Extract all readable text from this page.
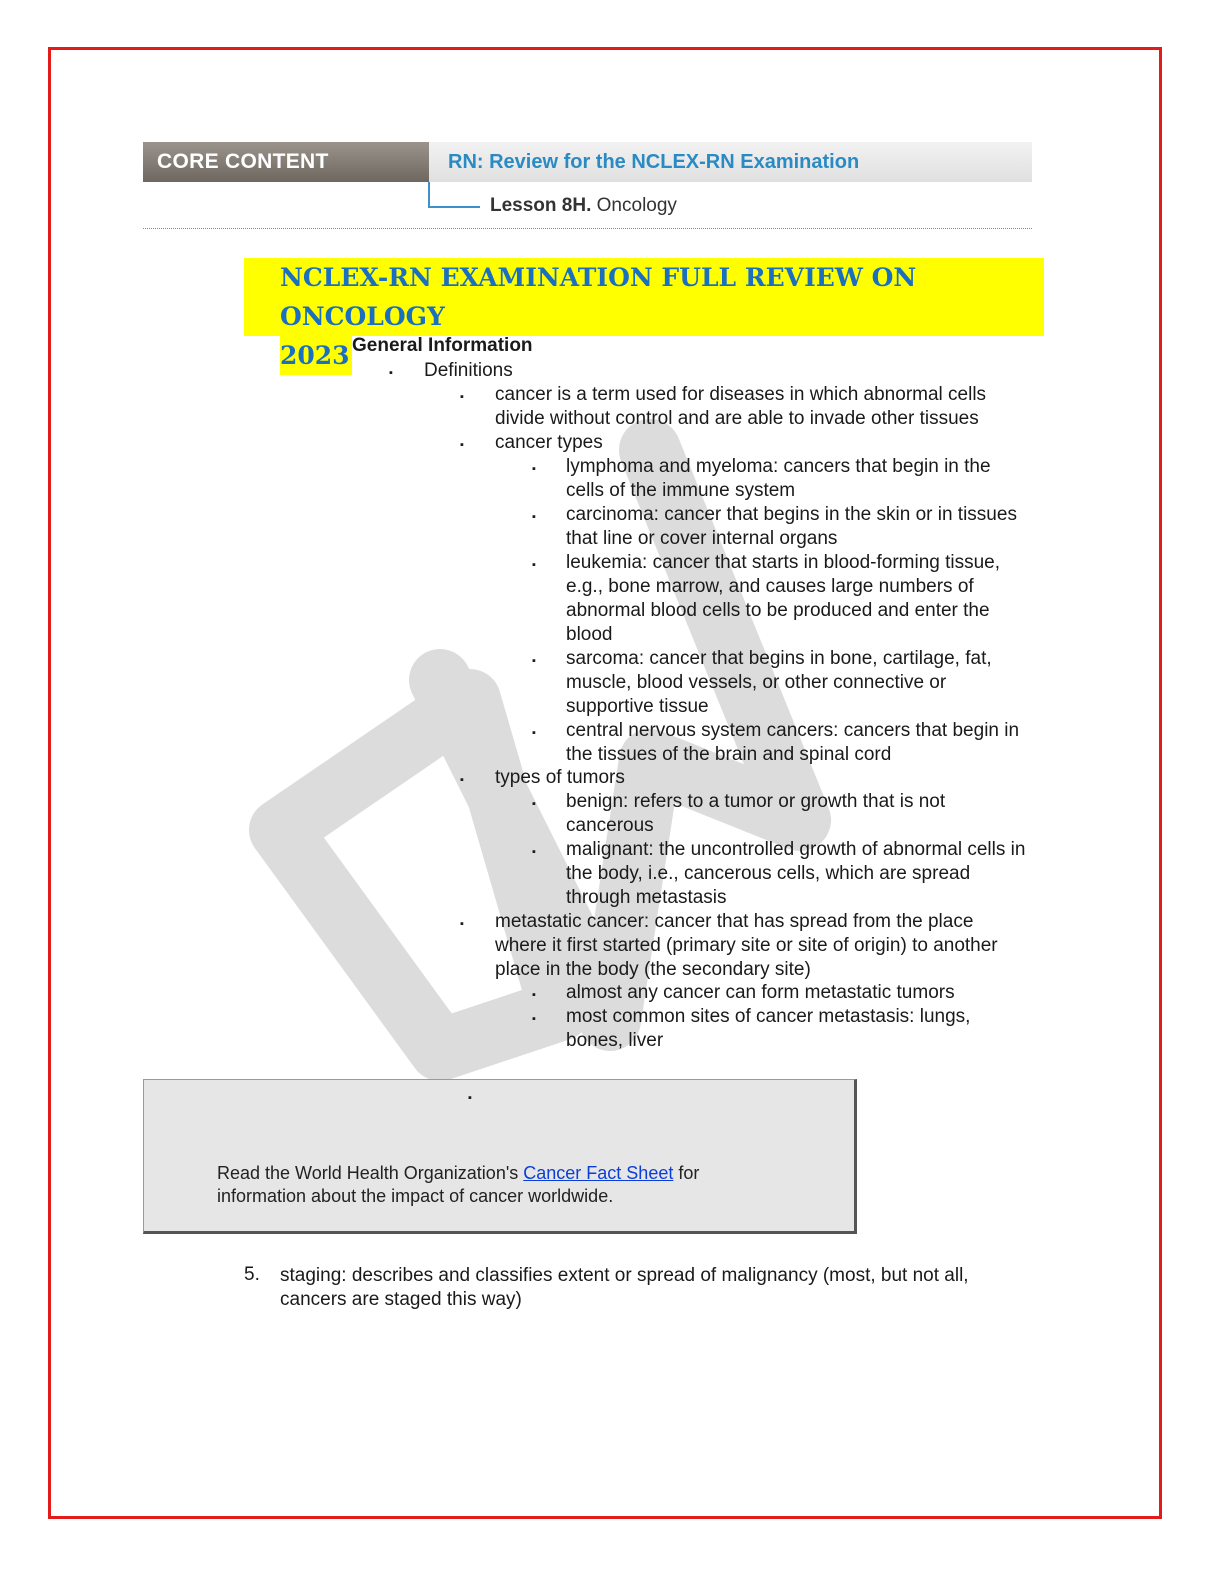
CORE CONTENT	RN: Review for the NCLEX-RN Examination
Lesson 8H. Oncology
NCLEX-RN EXAMINATION FULL REVIEW ON ONCOLOGY
2023 General Information
▪ Definitions
▪ cancer is a term used for diseases in which abnormal cells
divide without control and are able to invade other tissues
▪ cancer types
▪ lymphoma and myeloma: cancers that begin in the
cells of the immune system
▪ carcinoma: cancer that begins in the skin or in tissues
that line or cover internal organs
▪ leukemia: cancer that starts in blood-forming tissue,
e.g., bone marrow, and causes large numbers of
abnormal blood cells to be produced and enter the
blood
▪ sarcoma: cancer that begins in bone, cartilage, fat,
muscle, blood vessels, or other connective or
supportive tissue
▪ central nervous system cancers: cancers that begin in
the tissues of the brain and spinal cord
▪ types of tumors
▪ benign: refers to a tumor or growth that is not
cancerous
▪ malignant: the uncontrolled growth of abnormal cells in
the body, i.e., cancerous cells, which are spread
through metastasis
▪ metastatic cancer: cancer that has spread from the place
where it first started (primary site or site of origin) to another
place in the body (the secondary site)
▪ almost any cancer can form metastatic tumors
▪ most common sites of cancer metastasis: lungs,
bones, liver
▪
Read the World Health Organization's Cancer Fact Sheet for
information about the impact of cancer worldwide.
5. staging: describes and classifies extent or spread of malignancy (most, but not all,
cancers are staged this way)
